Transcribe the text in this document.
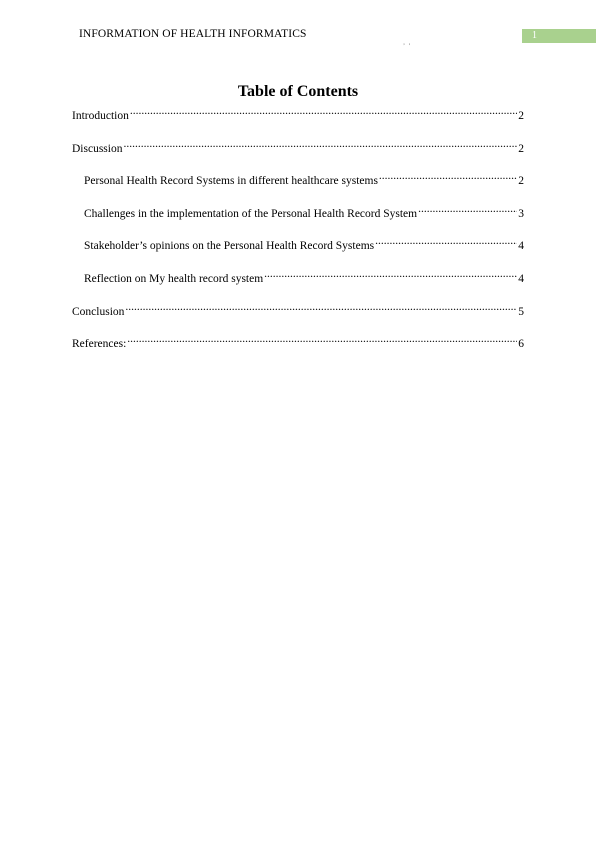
INFORMATION OF HEALTH INFORMATICS	1
‚ ‚
Table of Contents
Introduction .....	2
Discussion .....	2
Personal Health Record Systems in different healthcare systems .....	2
Challenges in the implementation of the Personal Health Record System .....	3
Stakeholder’s opinions on the Personal Health Record Systems .....	4
Reflection on My health record system .....	4
Conclusion .....	5
References: .....	6
